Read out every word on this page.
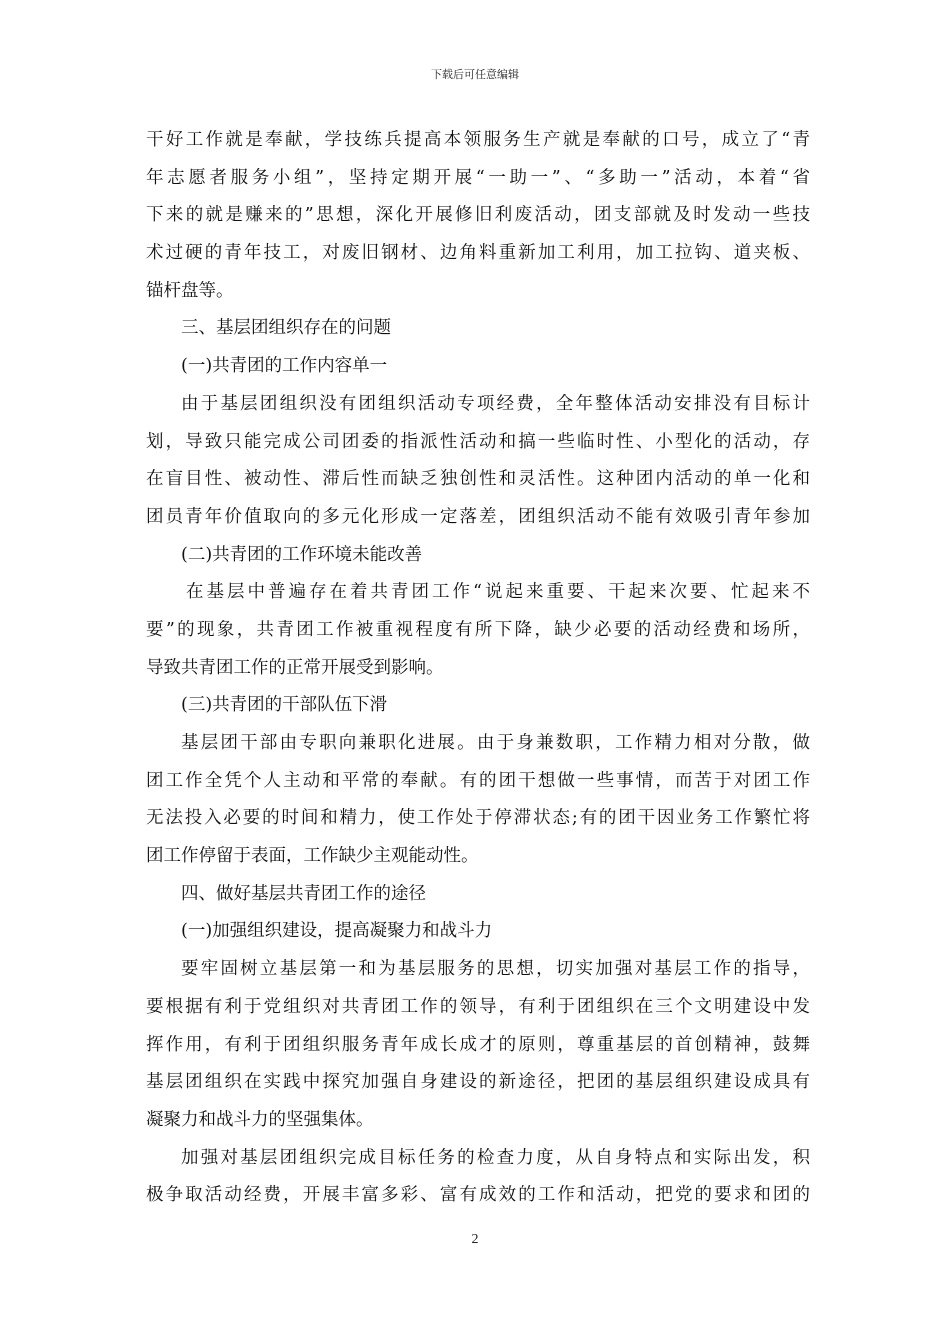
下载后可任意编辑
干好工作就是奉献，学技练兵提高本领服务生产就是奉献的口号，成立了“青
年志愿者服务小组”，坚持定期开展“一助一”、“多助一”活动，本着“省
下来的就是赚来的”思想，深化开展修旧利废活动，团支部就及时发动一些技
术过硬的青年技工，对废旧钢材、边角料重新加工利用，加工拉钩、道夹板、
锚杆盘等。
三、基层团组织存在的问题
(一)共青团的工作内容单一
由于基层团组织没有团组织活动专项经费，全年整体活动安排没有目标计
划，导致只能完成公司团委的指派性活动和搞一些临时性、小型化的活动，存
在盲目性、被动性、滞后性而缺乏独创性和灵活性。这种团内活动的单一化和
团员青年价值取向的多元化形成一定落差，团组织活动不能有效吸引青年参加
(二)共青团的工作环境未能改善
在基层中普遍存在着共青团工作“说起来重要、干起来次要、忙起来不
要”的现象，共青团工作被重视程度有所下降，缺少必要的活动经费和场所，
导致共青团工作的正常开展受到影响。
(三)共青团的干部队伍下滑
基层团干部由专职向兼职化进展。由于身兼数职，工作精力相对分散，做
团工作全凭个人主动和平常的奉献。有的团干想做一些事情，而苦于对团工作
无法投入必要的时间和精力，使工作处于停滞状态;有的团干因业务工作繁忙将
团工作停留于表面，工作缺少主观能动性。
四、做好基层共青团工作的途径
(一)加强组织建设，提高凝聚力和战斗力
要牢固树立基层第一和为基层服务的思想，切实加强对基层工作的指导，
要根据有利于党组织对共青团工作的领导，有利于团组织在三个文明建设中发
挥作用，有利于团组织服务青年成长成才的原则，尊重基层的首创精神，鼓舞
基层团组织在实践中探究加强自身建设的新途径，把团的基层组织建设成具有
凝聚力和战斗力的坚强集体。
加强对基层团组织完成目标任务的检查力度，从自身特点和实际出发，积
极争取活动经费，开展丰富多彩、富有成效的工作和活动，把党的要求和团的
2
